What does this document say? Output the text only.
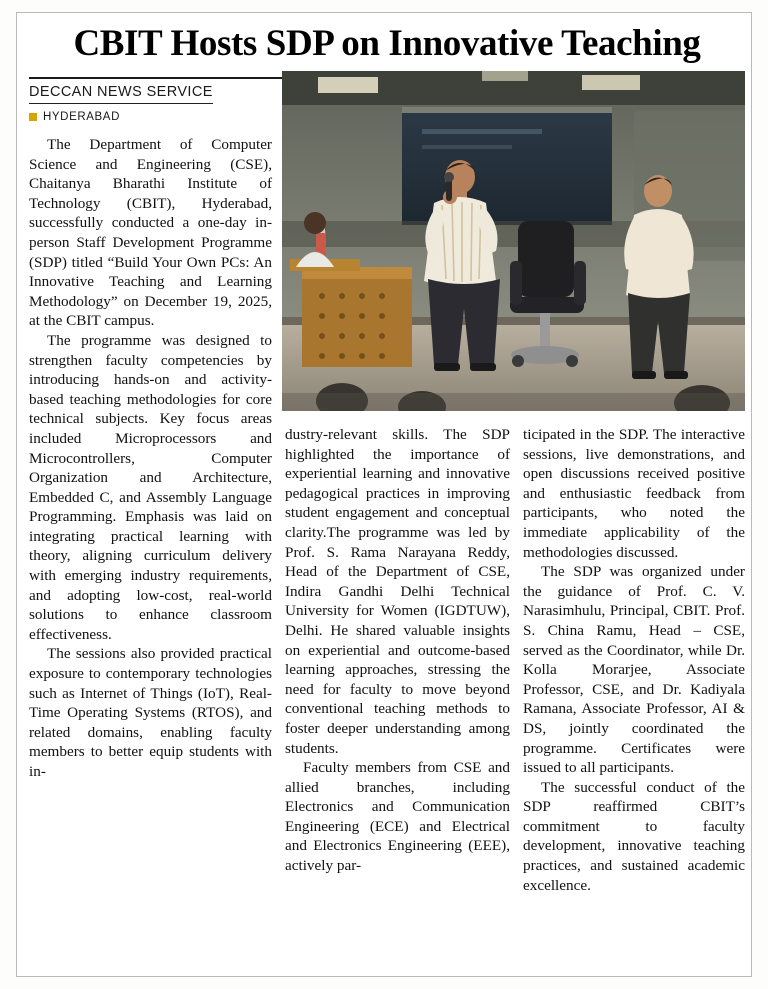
CBIT Hosts SDP on Innovative Teaching
DECCAN NEWS SERVICE
HYDERABAD

The Department of Computer Science and Engineering (CSE), Chaitanya Bharathi Institute of Technology (CBIT), Hyderabad, successfully conducted a one-day in-person Staff Development Programme (SDP) titled “Build Your Own PCs: An Innovative Teaching and Learning Methodology” on December 19, 2025, at the CBIT campus.

The programme was designed to strengthen faculty competencies by introducing hands-on and activity-based teaching methodologies for core technical subjects. Key focus areas included Microprocessors and Microcontrollers, Computer Organization and Architecture, Embedded C, and Assembly Language Programming. Emphasis was laid on integrating practical learning with theory, aligning curriculum delivery with emerging industry requirements, and adopting low-cost, real-world solutions to enhance classroom effectiveness.

The sessions also provided practical exposure to contemporary technologies such as Internet of Things (IoT), Real-Time Operating Systems (RTOS), and related domains, enabling faculty members to better equip students with in-

dustry-relevant skills. The SDP highlighted the importance of experiential learning and innovative pedagogical practices in improving student engagement and conceptual clarity.The programme was led by Prof. S. Rama Narayana Reddy, Head of the Department of CSE, Indira Gandhi Delhi Technical University for Women (IGDTUW), Delhi. He shared valuable insights on experiential and outcome-based learning approaches, stressing the need for faculty to move beyond conventional teaching methods to foster deeper understanding among students.

Faculty members from CSE and allied branches, including Electronics and Communication Engineering (ECE) and Electrical and Electronics Engineering (EEE), actively par-

ticipated in the SDP. The interactive sessions, live demonstrations, and open discussions received positive and enthusiastic feedback from participants, who noted the immediate applicability of the methodologies discussed.

The SDP was organized under the guidance of Prof. C. V. Narasimhulu, Principal, CBIT. Prof. S. China Ramu, Head – CSE, served as the Coordinator, while Dr. Kolla Morarjee, Associate Professor, CSE, and Dr. Kadiyala Ramana, Associate Professor, AI & DS, jointly coordinated the programme. Certificates were issued to all participants.

The successful conduct of the SDP reaffirmed CBIT’s commitment to faculty development, innovative teaching practices, and sustained academic excellence.
